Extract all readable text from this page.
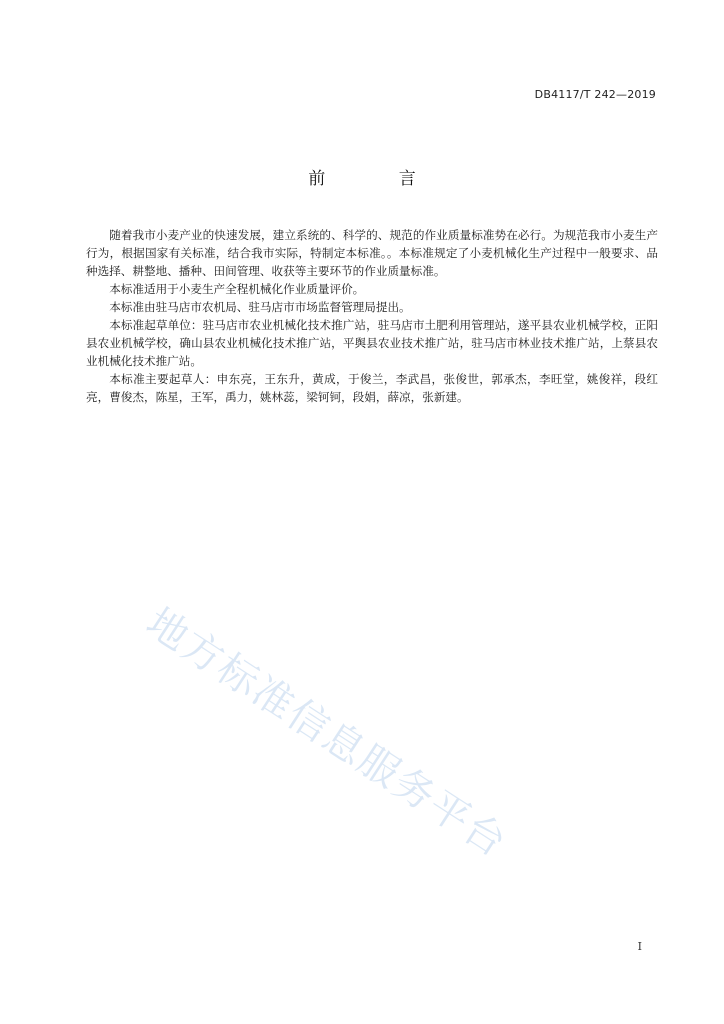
DB4117/T 242—2019
前 言

随着我市小麦产业的快速发展，建立系统的、科学的、规范的作业质量标准势在必行。为规范我市小麦生产行为，根据国家有关标准，结合我市实际，特制定本标准。。本标准规定了小麦机械化生产过程中一般要求、品种选择、耕整地、播种、田间管理、收获等主要环节的作业质量标准。

本标准适用于小麦生产全程机械化作业质量评价。

本标准由驻马店市农机局、驻马店市市场监督管理局提出。

本标准起草单位：驻马店市农业机械化技术推广站，驻马店市土肥利用管理站，遂平县农业机械学校，正阳县农业机械学校，确山县农业机械化技术推广站，平舆县农业技术推广站，驻马店市林业技术推广站，上蔡县农业机械化技术推广站。

本标准主要起草人：申东亮，王东升，黄成，于俊兰，李武昌，张俊世，郭承杰，李旺堂，姚俊祥，段红亮，曹俊杰，陈星，王军，禹力，姚林蕊，梁钶钶，段娟，薛凉，张新建。

地方标准信息服务平台
I
